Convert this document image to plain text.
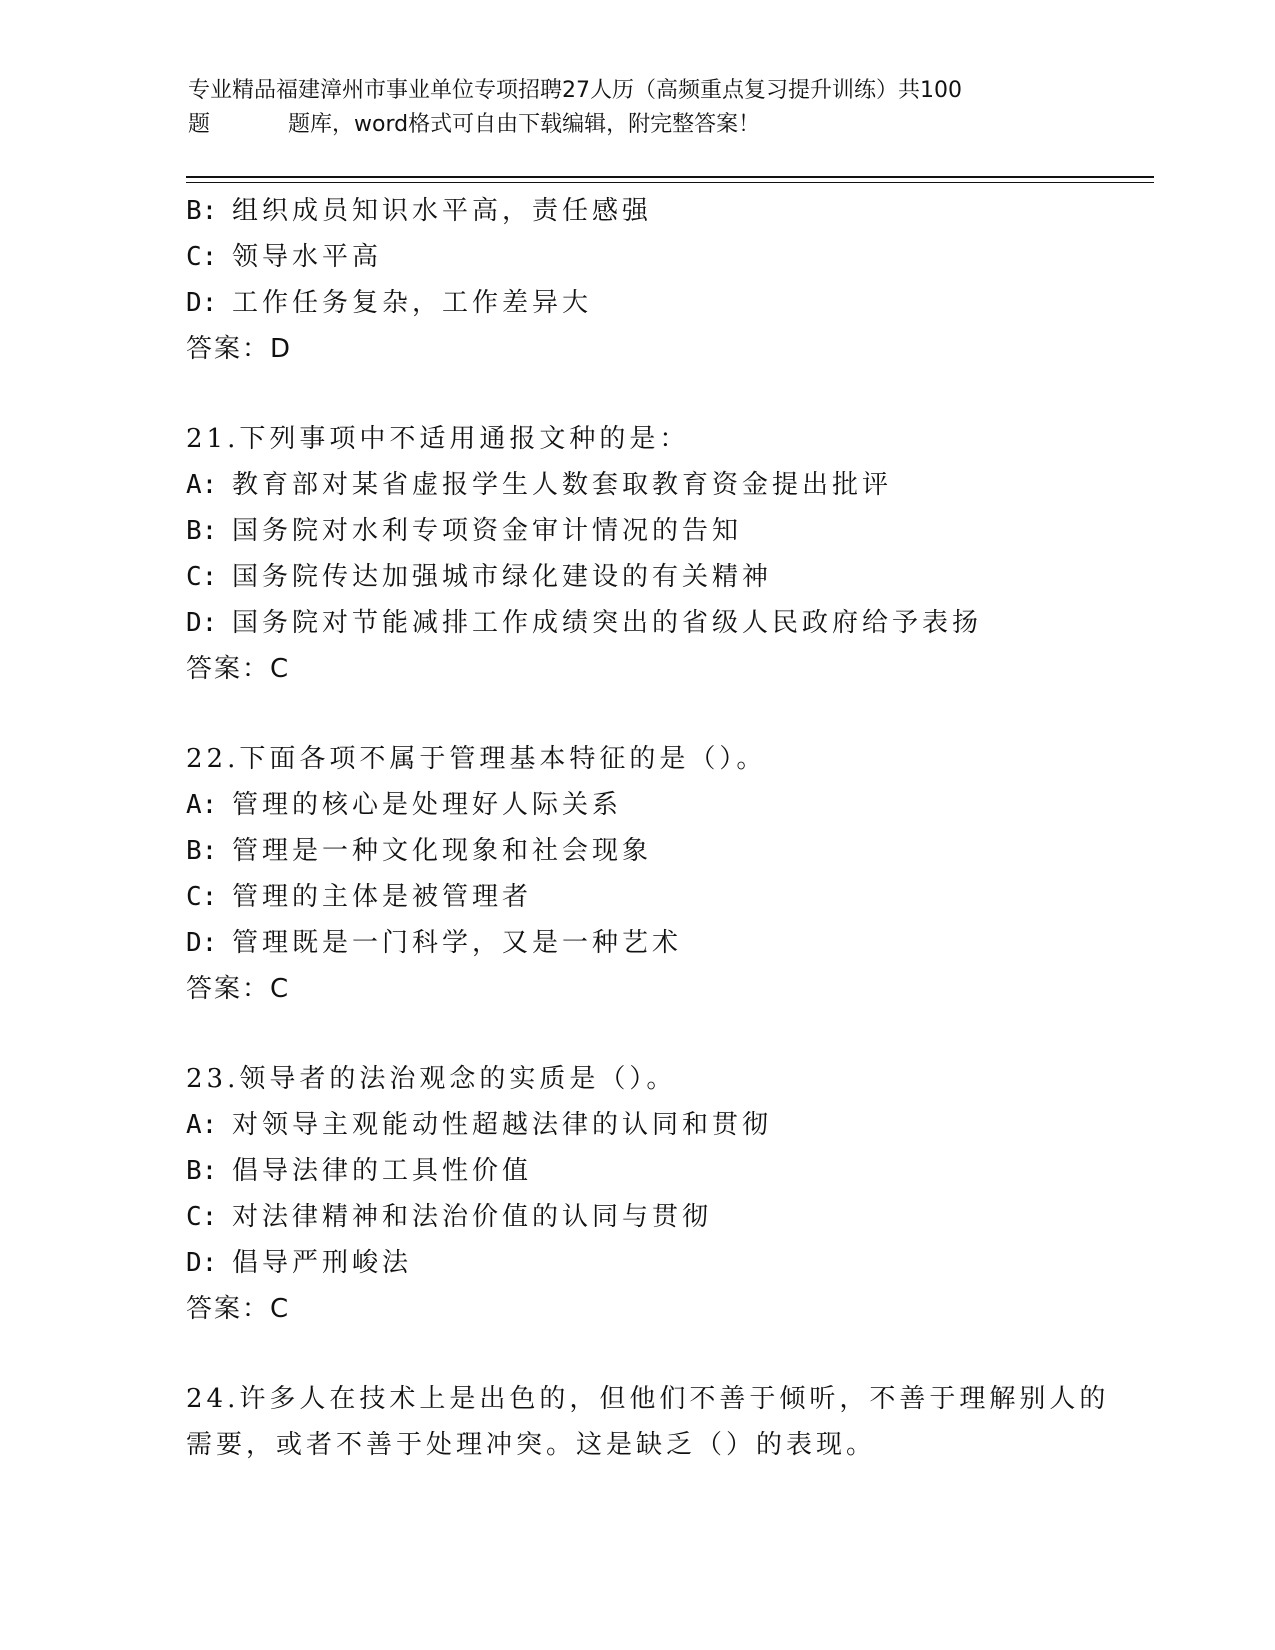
专业精品福建漳州市事业单位专项招聘27人历（高频重点复习提升训练）共100
题	题库，word格式可自由下载编辑，附完整答案！
B: 组织成员知识水平高，责任感强
C: 领导水平高
D: 工作任务复杂，工作差异大
答案：D
21.下列事项中不适用通报文种的是：
A: 教育部对某省虚报学生人数套取教育资金提出批评
B: 国务院对水利专项资金审计情况的告知
C: 国务院传达加强城市绿化建设的有关精神
D: 国务院对节能减排工作成绩突出的省级人民政府给予表扬
答案：C
22.下面各项不属于管理基本特征的是（）。
A: 管理的核心是处理好人际关系
B: 管理是一种文化现象和社会现象
C: 管理的主体是被管理者
D: 管理既是一门科学，又是一种艺术
答案：C
23.领导者的法治观念的实质是（）。
A: 对领导主观能动性超越法律的认同和贯彻
B: 倡导法律的工具性价值
C: 对法律精神和法治价值的认同与贯彻
D: 倡导严刑峻法
答案：C
24.许多人在技术上是出色的，但他们不善于倾听，不善于理解别人的
需要，或者不善于处理冲突。这是缺乏（）的表现。
